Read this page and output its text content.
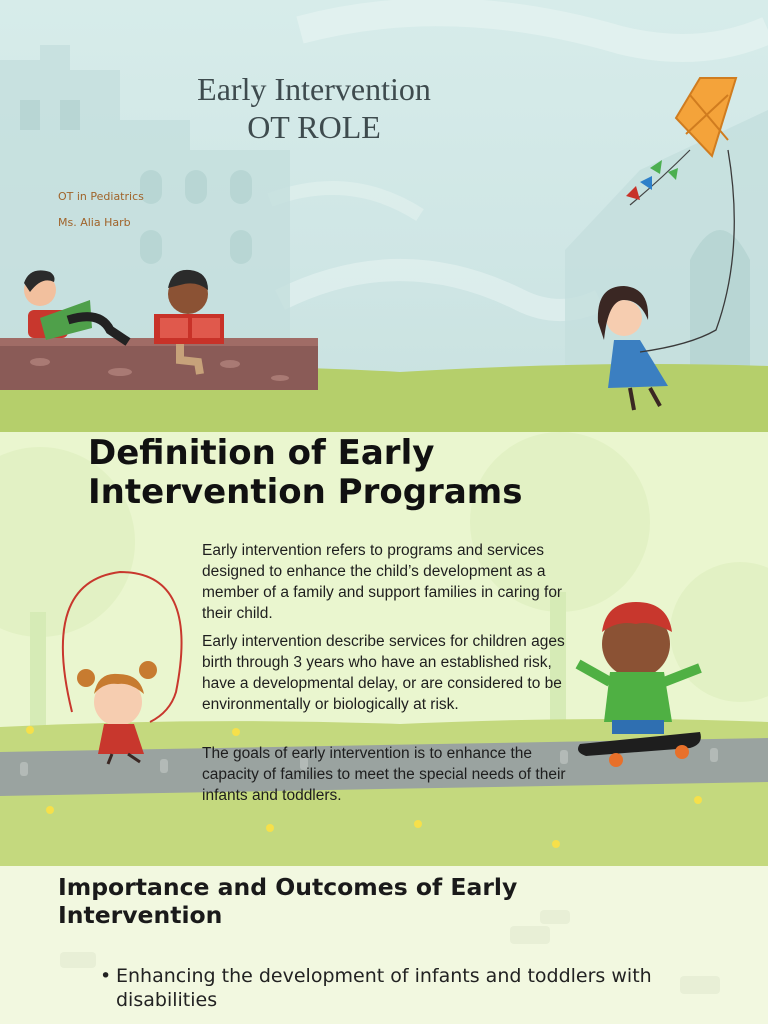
Early Intervention
OT ROLE
OT in Pediatrics
Ms. Alia Harb
Definition of Early
Intervention Programs

Early intervention refers to programs and services designed to enhance the child’s development as a member of a family and support families in caring for their child.

Early intervention describe services for children ages birth through 3 years who have an established risk, have a developmental delay, or are considered to be environmentally or biologically at risk.

The goals of early intervention is to enhance the capacity of families to meet the special needs of their infants and toddlers.

Importance and Outcomes of Early
Intervention
• Enhancing the development of infants and toddlers with disabilities
